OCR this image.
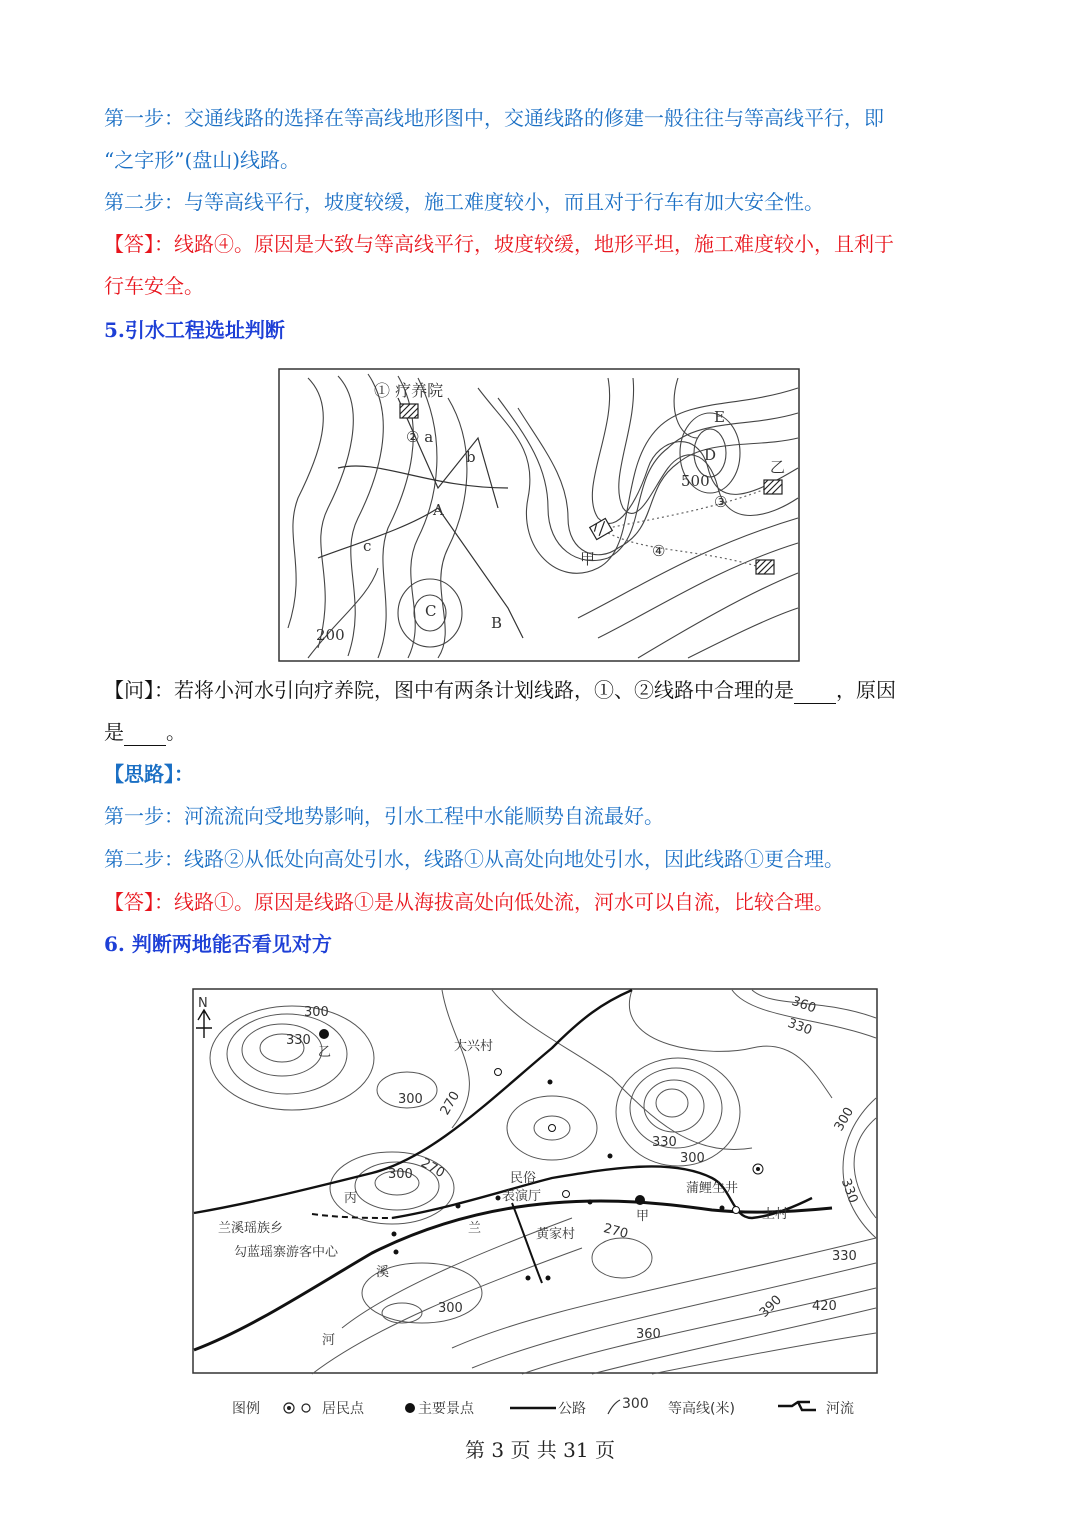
第一步：交通线路的选择在等高线地形图中，交通线路的修建一般往往与等高线平行，即
“之字形”(盘山)线路。
第二步：与等高线平行，坡度较缓，施工难度较小，而且对于行车有加大安全性。
【答】：线路④。原因是大致与等高线平行，坡度较缓，地形平坦，施工难度较小，且利于
行车安全。
5.引水工程选址判断
① 疗养院
② a
b
A
c
C
B
200
E
D
500
乙
③
④
甲
【问】：若将小河水引向疗养院，图中有两条计划线路，①、②线路中合理的是 ，原因
是 。
【思路】：
第一步：河流流向受地势影响，引水工程中水能顺势自流最好。
第二步：线路②从低处向高处引水，线路①从高处向地处引水，因此线路①更合理。
【答】：线路①。原因是线路①是从海拔高处向低处流，河水可以自流，比较合理。
6. 判断两地能否看见对方
N
300
330
乙	大兴村
300 270
360
330
330
300
300
330
300 270	民俗
表演厅
蒲鲤生井
丙
兰溪瑶族乡
勾蓝瑶寨游客中心
兰	黄家村
甲	上村
270
溪
河
300
360
330
390 420
图例	居民点	主要景点	公路	300 等高线(米)	河流
第 3 页 共 31 页
